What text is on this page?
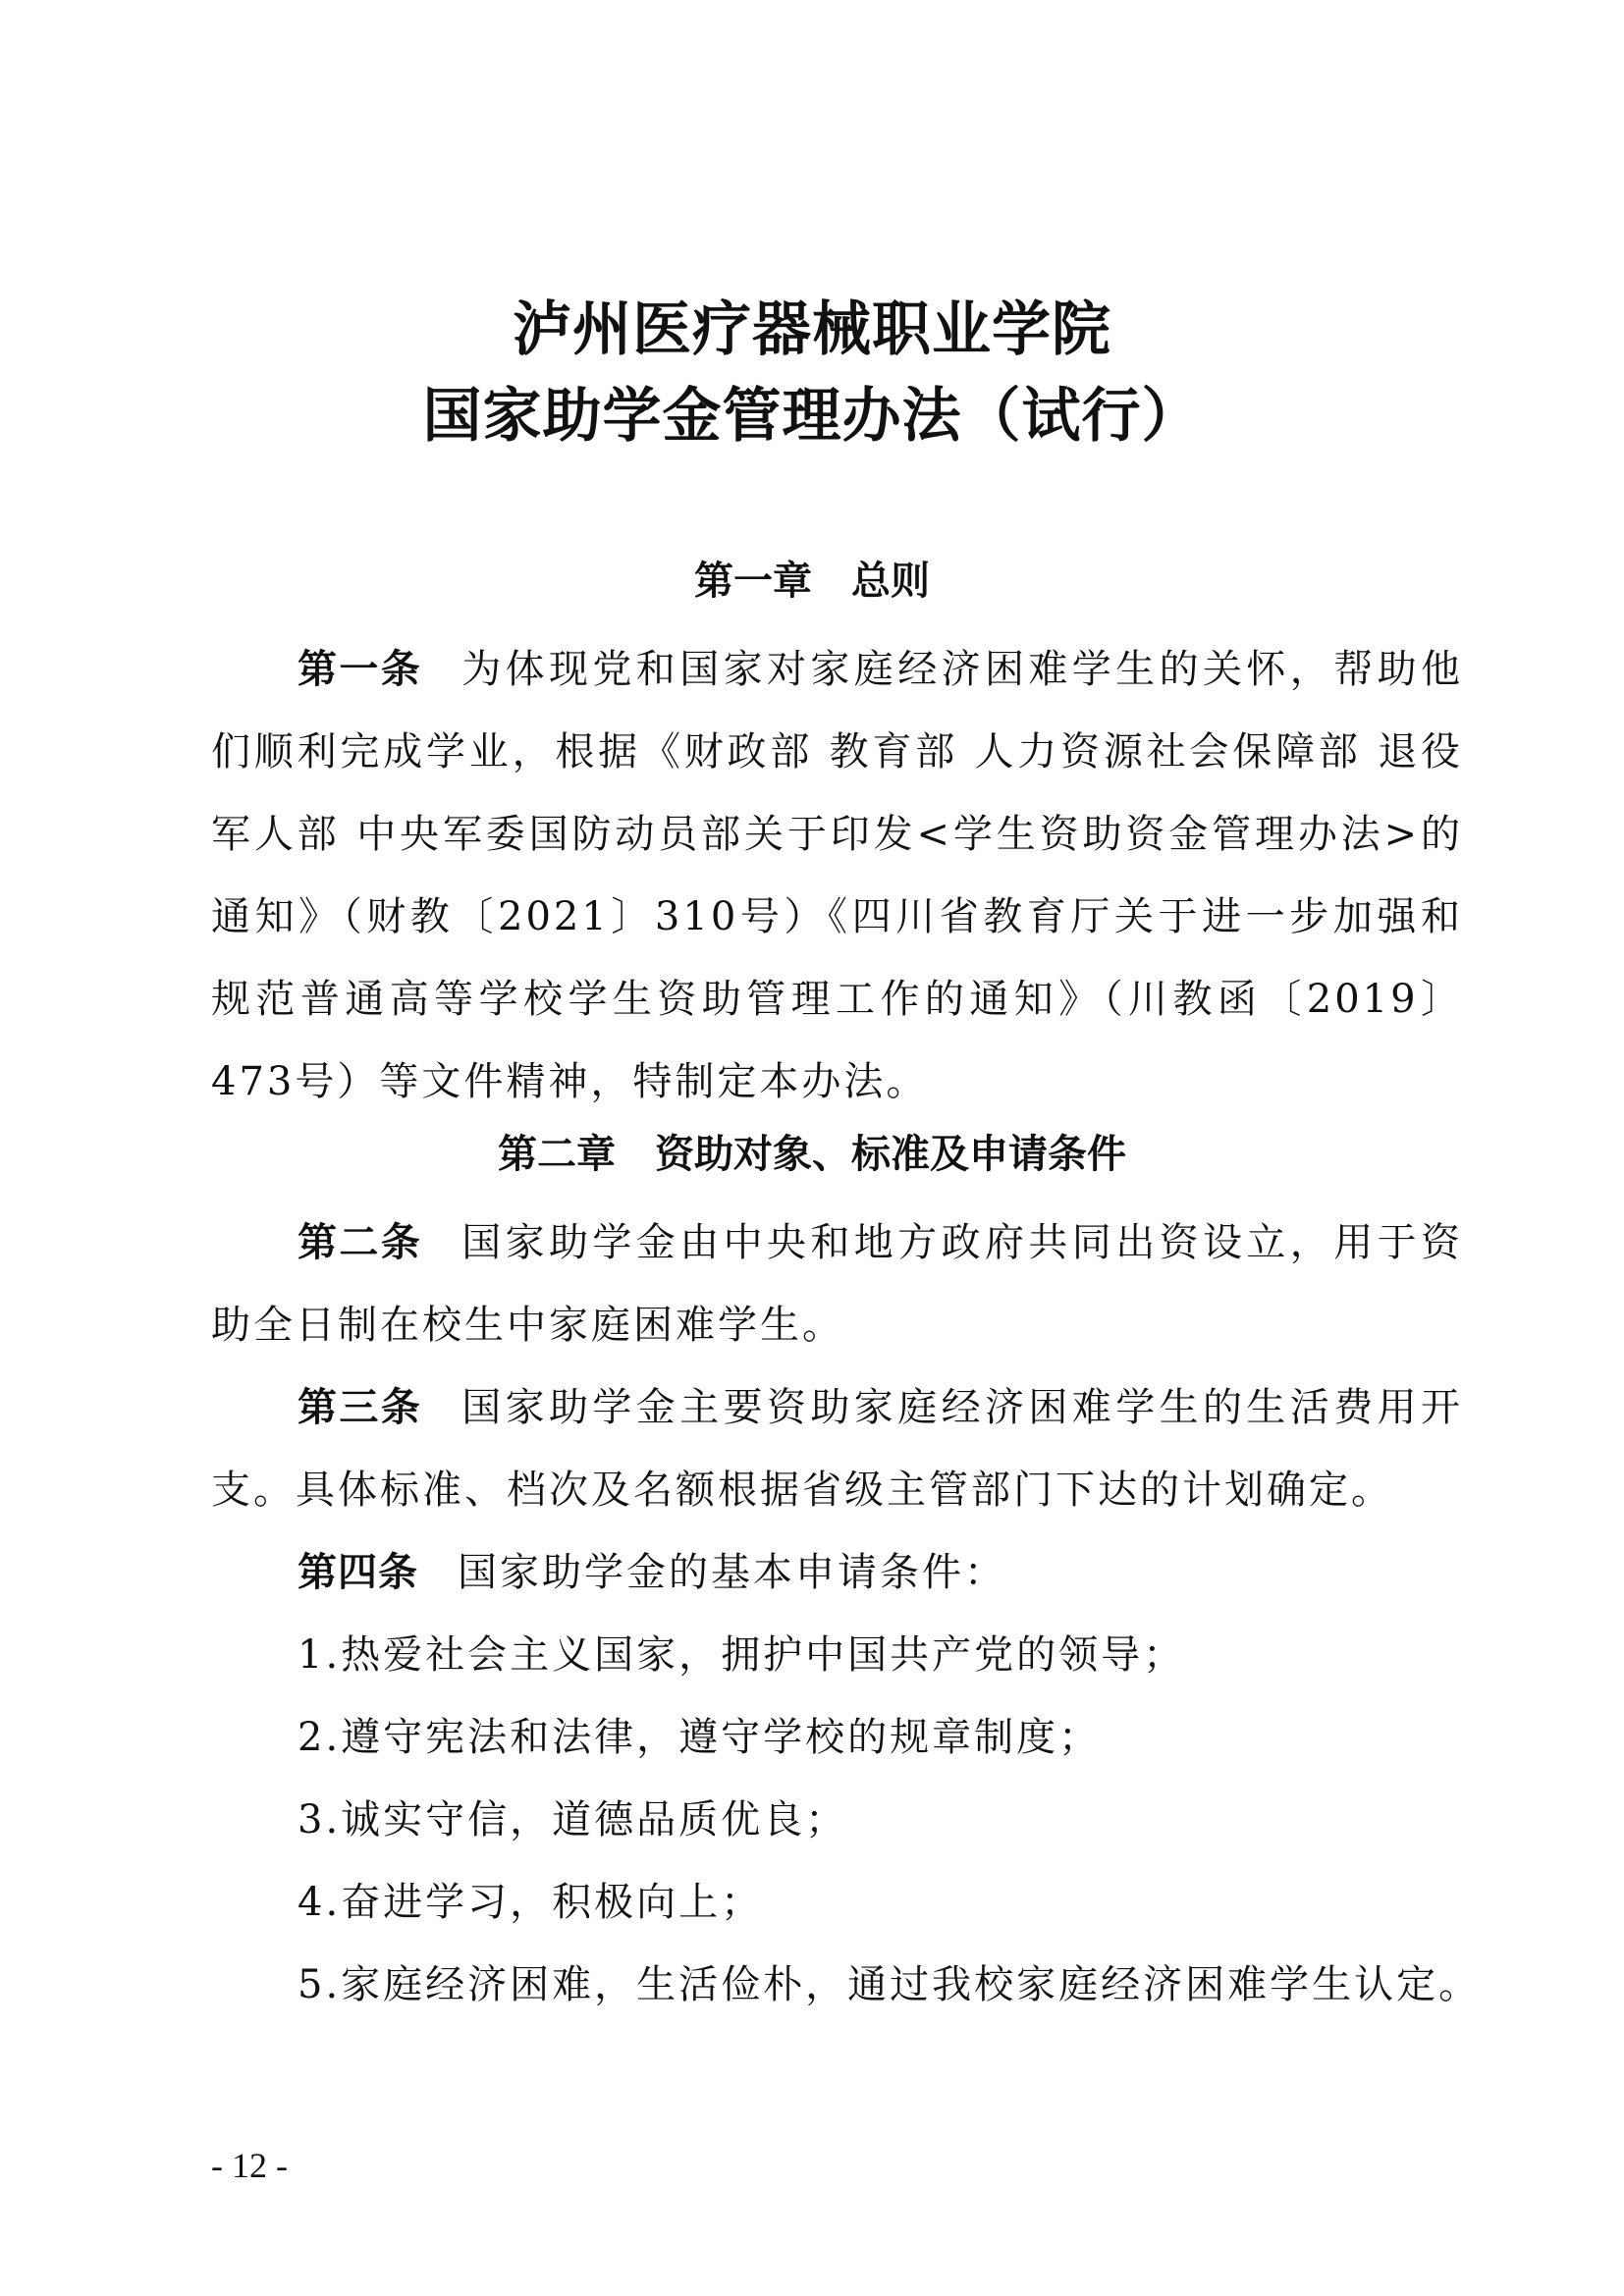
泸州医疗器械职业学院
国家助学金管理办法（试行）
第一章　总则
第一条 为体现党和国家对家庭经济困难学生的关怀，帮助他们顺利完成学业，根据《财政部 教育部 人力资源社会保障部 退役军人部 中央军委国防动员部关于印发<学生资助资金管理办法>的通知》（财教〔2021〕310号）《四川省教育厅关于进一步加强和规范普通高等学校学生资助管理工作的通知》（川教函〔2019〕473号）等文件精神，特制定本办法。
第二章　资助对象、标准及申请条件
第二条 国家助学金由中央和地方政府共同出资设立，用于资助全日制在校生中家庭困难学生。
第三条 国家助学金主要资助家庭经济困难学生的生活费用开支。具体标准、档次及名额根据省级主管部门下达的计划确定。
第四条 国家助学金的基本申请条件：
1.热爱社会主义国家，拥护中国共产党的领导；
2.遵守宪法和法律，遵守学校的规章制度；
3.诚实守信，道德品质优良；
4.奋进学习，积极向上；
5.家庭经济困难，生活俭朴，通过我校家庭经济困难学生认定。
- 12 -
